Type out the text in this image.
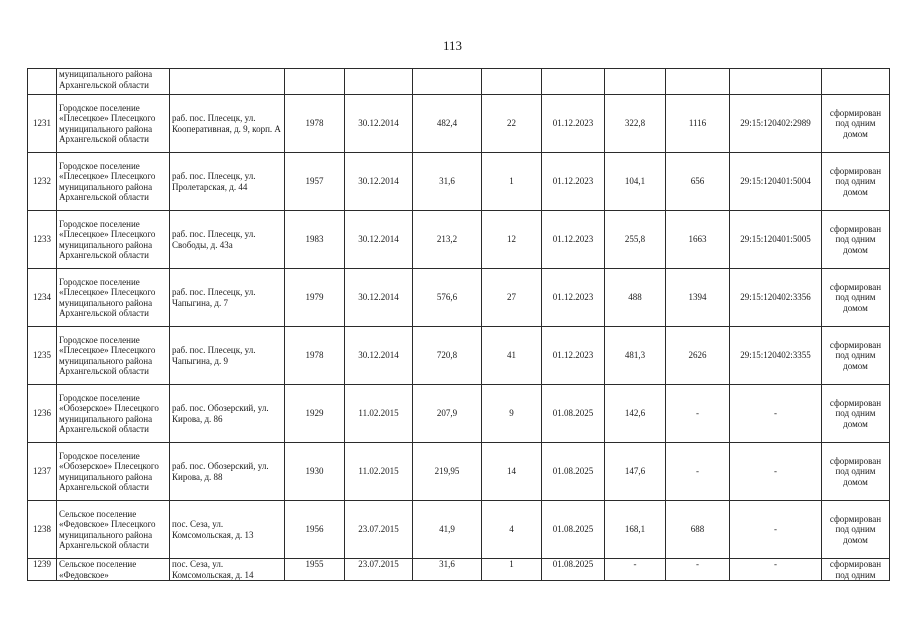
113
	муниципального района Архангельской области										
1231	Городское поселение «Плесецкое» Плесецкого муниципального района Архангельской области	раб. пос. Плесецк, ул. Кооперативная, д. 9, корп. А	1978	30.12.2014	482,4	22	01.12.2023	322,8	1116	29:15:120402:2989	сформирован под одним домом
1232	Городское поселение «Плесецкое» Плесецкого муниципального района Архангельской области	раб. пос. Плесецк, ул. Пролетарская, д. 44	1957	30.12.2014	31,6	1	01.12.2023	104,1	656	29:15:120401:5004	сформирован под одним домом
1233	Городское поселение «Плесецкое» Плесецкого муниципального района Архангельской области	раб. пос. Плесецк, ул. Свободы, д. 43а	1983	30.12.2014	213,2	12	01.12.2023	255,8	1663	29:15:120401:5005	сформирован под одним домом
1234	Городское поселение «Плесецкое» Плесецкого муниципального района Архангельской области	раб. пос. Плесецк, ул. Чапыгина, д. 7	1979	30.12.2014	576,6	27	01.12.2023	488	1394	29:15:120402:3356	сформирован под одним домом
1235	Городское поселение «Плесецкое» Плесецкого муниципального района Архангельской области	раб. пос. Плесецк, ул. Чапыгина, д. 9	1978	30.12.2014	720,8	41	01.12.2023	481,3	2626	29:15:120402:3355	сформирован под одним домом
1236	Городское поселение «Обозерское» Плесецкого муниципального района Архангельской области	раб. пос. Обозерский, ул. Кирова, д. 86	1929	11.02.2015	207,9	9	01.08.2025	142,6	-	-	сформирован под одним домом
1237	Городское поселение «Обозерское» Плесецкого муниципального района Архангельской области	раб. пос. Обозерский, ул. Кирова, д. 88	1930	11.02.2015	219,95	14	01.08.2025	147,6	-	-	сформирован под одним домом
1238	Сельское поселение «Федовское» Плесецкого муниципального района Архангельской области	пос. Сеза, ул. Комсомольская, д. 13	1956	23.07.2015	41,9	4	01.08.2025	168,1	688	-	сформирован под одним домом
1239	Сельское поселение «Федовское»	пос. Сеза, ул. Комсомольская, д. 14	1955	23.07.2015	31,6	1	01.08.2025	-	-	-	сформирован под одним
